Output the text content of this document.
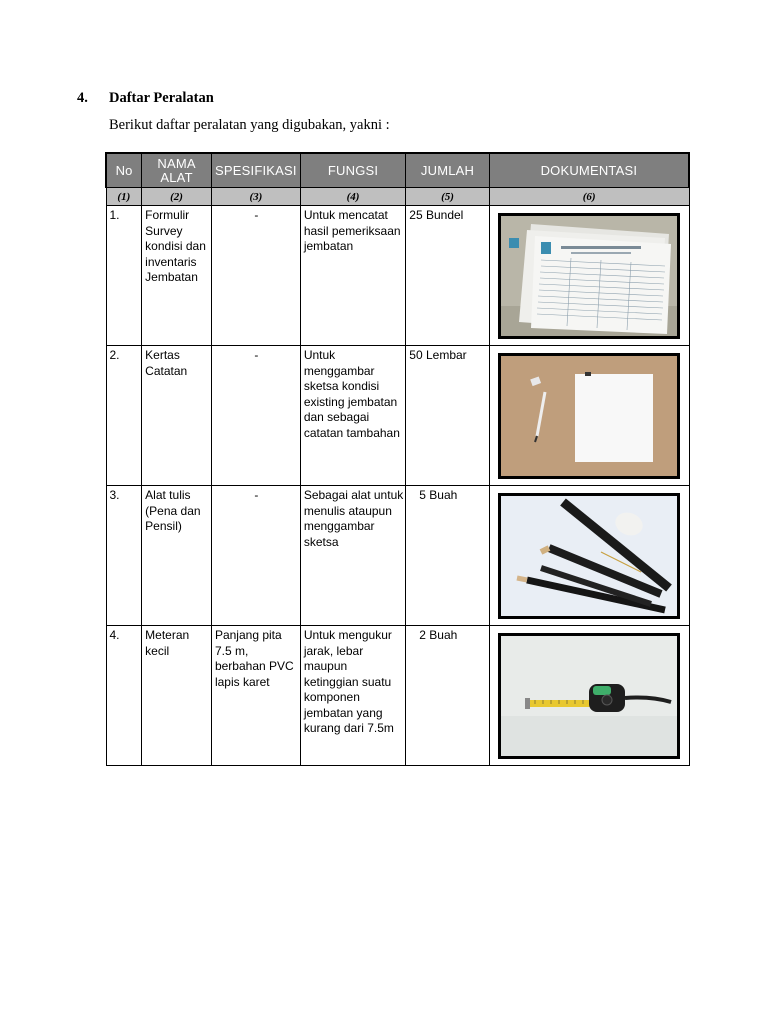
4. Daftar Peralatan
Berikut daftar peralatan yang digubakan, yakni :
No	NAMA ALAT	SPESIFIKASI	FUNGSI	JUMLAH	DOKUMENTASI
(1)	(2)	(3)	(4)	(5)	(6)

1.	Formulir Survey kondisi dan inventaris Jembatan	-	Untuk mencatat hasil pemeriksaan jembatan	25 Bundel

2.	Kertas Catatan	-	Untuk menggambar sketsa kondisi existing jembatan dan sebagai catatan tambahan	50 Lembar

3.	Alat tulis (Pena dan Pensil)	-	Sebagai alat untuk menulis ataupun menggambar sketsa	5 Buah

4.	Meteran kecil	Panjang pita 7.5 m, berbahan PVC lapis karet	Untuk mengukur jarak, lebar maupun ketinggian suatu komponen jembatan yang kurang dari 7.5m	2 Buah
